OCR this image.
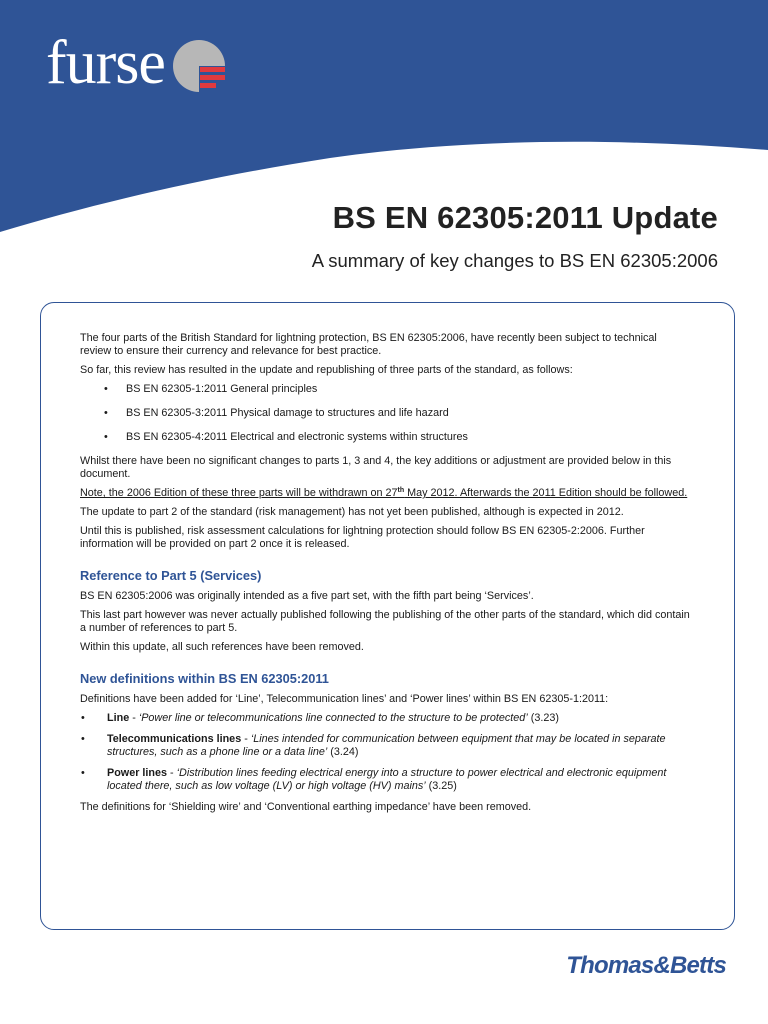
furse
BS EN 62305:2011 Update
A summary of key changes to BS EN 62305:2006

The four parts of the British Standard for lightning protection, BS EN 62305:2006, have recently been subject to technical review to ensure their currency and relevance for best practice.

So far, this review has resulted in the update and republishing of three parts of the standard, as follows:

• BS EN 62305-1:2011 General principles
• BS EN 62305-3:2011 Physical damage to structures and life hazard
• BS EN 62305-4:2011 Electrical and electronic systems within structures

Whilst there have been no significant changes to parts 1, 3 and 4, the key additions or adjustment are provided below in this document.

Note, the 2006 Edition of these three parts will be withdrawn on 27th May 2012. Afterwards the 2011 Edition should be followed.

The update to part 2 of the standard (risk management) has not yet been published, although is expected in 2012.

Until this is published, risk assessment calculations for lightning protection should follow BS EN 62305-2:2006. Further information will be provided on part 2 once it is released.

Reference to Part 5 (Services)

BS EN 62305:2006 was originally intended as a five part set, with the fifth part being ‘Services’.

This last part however was never actually published following the publishing of the other parts of the standard, which did contain a number of references to part 5.

Within this update, all such references have been removed.

New definitions within BS EN 62305:2011

Definitions have been added for ‘Line’, Telecommunication lines’ and ‘Power lines’ within BS EN 62305-1:2011:

• Line - ‘Power line or telecommunications line connected to the structure to be protected’ (3.23)
• Telecommunications lines - ‘Lines intended for communication between equipment that may be located in separate structures, such as a phone line or a data line’ (3.24)
• Power lines - ‘Distribution lines feeding electrical energy into a structure to power electrical and electronic equipment located there, such as low voltage (LV) or high voltage (HV) mains’ (3.25)

The definitions for ‘Shielding wire’ and ‘Conventional earthing impedance’ have been removed.

Thomas&Betts
